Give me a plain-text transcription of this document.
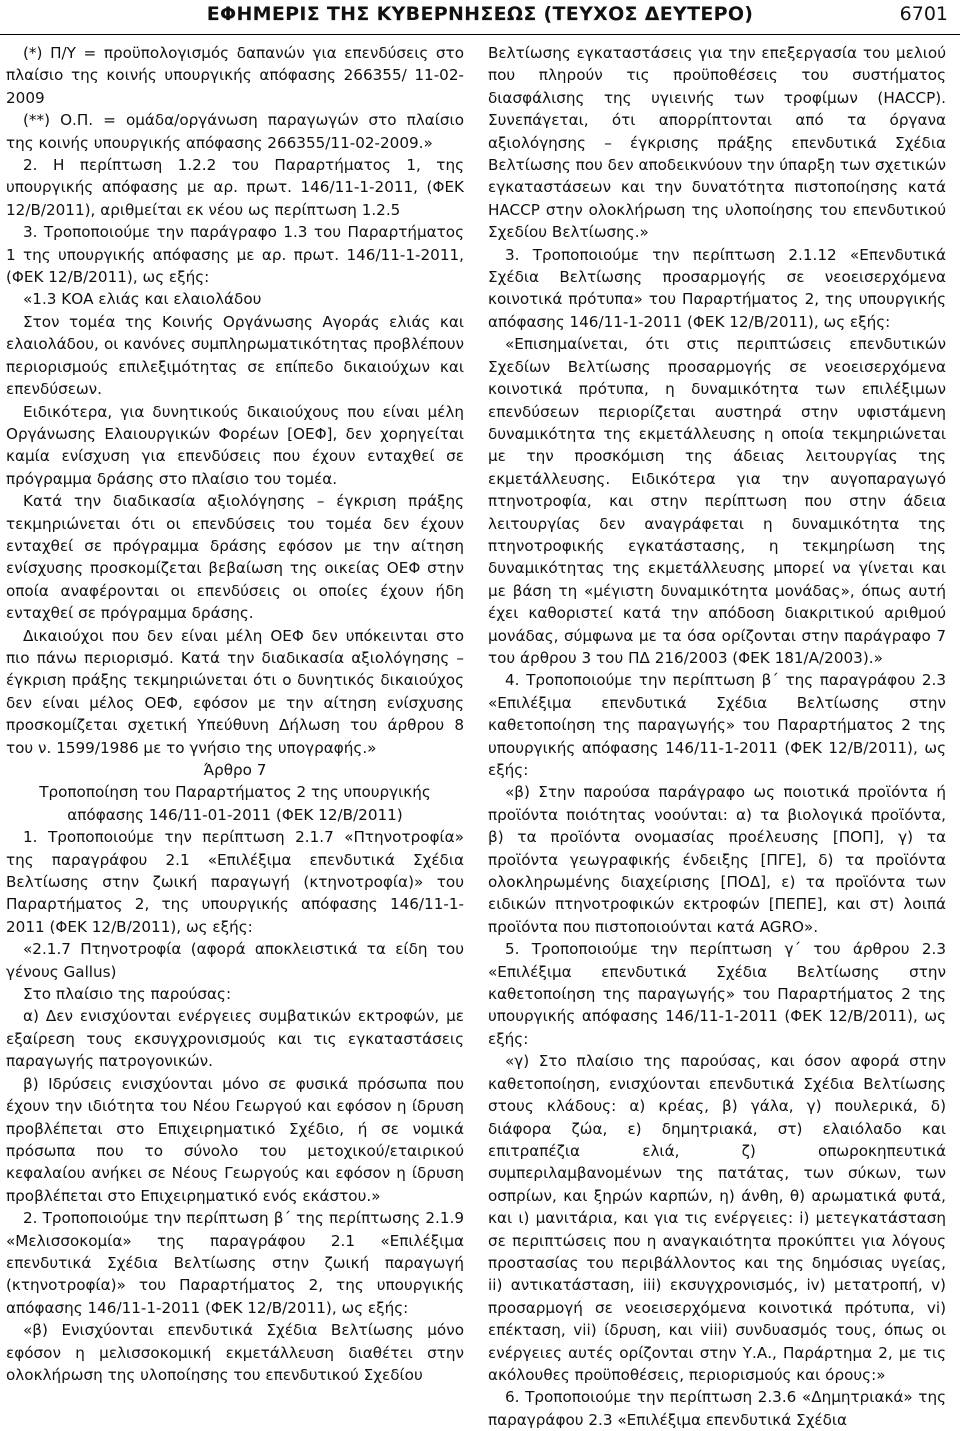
ΕΦΗΜΕΡΙΣ ΤΗΣ ΚΥΒΕΡΝΗΣΕΩΣ (ΤΕΥΧΟΣ ΔΕΥΤΕΡΟ)	6701

(*) Π/Υ = προϋπολογισμός δαπανών για επενδύσεις στο πλαίσιο της κοινής υπουργικής απόφασης 266355/ 11-02-2009

(**) Ο.Π. = ομάδα/οργάνωση παραγωγών στο πλαίσιο της κοινής υπουργικής απόφασης 266355/11-02-2009.»

2. Η περίπτωση 1.2.2 του Παραρτήματος 1, της υπουργικής απόφασης με αρ. πρωτ. 146/11-1-2011, (ΦΕΚ 12/Β/2011), αριθμείται εκ νέου ως περίπτωση 1.2.5

3. Τροποποιούμε την παράγραφο 1.3 του Παραρτήματος 1 της υπουργικής απόφασης με αρ. πρωτ. 146/11-1-2011, (ΦΕΚ 12/Β/2011), ως εξής:

«1.3 ΚΟΑ ελιάς και ελαιολάδου

Στον τομέα της Κοινής Οργάνωσης Αγοράς ελιάς και ελαιολάδου, οι κανόνες συμπληρωματικότητας προβλέπουν περιορισμούς επιλεξιμότητας σε επίπεδο δικαιούχων και επενδύσεων.

Ειδικότερα, για δυνητικούς δικαιούχους που είναι μέλη Οργάνωσης Ελαιουργικών Φορέων [ΟΕΦ], δεν χορηγείται καμία ενίσχυση για επενδύσεις που έχουν ενταχθεί σε πρόγραμμα δράσης στο πλαίσιο του τομέα.

Κατά την διαδικασία αξιολόγησης – έγκριση πράξης τεκμηριώνεται ότι οι επενδύσεις του τομέα δεν έχουν ενταχθεί σε πρόγραμμα δράσης εφόσον με την αίτηση ενίσχυσης προσκομίζεται βεβαίωση της οικείας ΟΕΦ στην οποία αναφέρονται οι επενδύσεις οι οποίες έχουν ήδη ενταχθεί σε πρόγραμμα δράσης.

Δικαιούχοι που δεν είναι μέλη ΟΕΦ δεν υπόκεινται στο πιο πάνω περιορισμό. Κατά την διαδικασία αξιολόγησης – έγκριση πράξης τεκμηριώνεται ότι ο δυνητικός δικαιούχος δεν είναι μέλος ΟΕΦ, εφόσον με την αίτηση ενίσχυσης προσκομίζεται σχετική Υπεύθυνη Δήλωση του άρθρου 8 του ν. 1599/1986 με το γνήσιο της υπογραφής.»

Άρθρο 7

Τροποποίηση του Παραρτήματος 2 της υπουργικής απόφασης 146/11-01-2011 (ΦΕΚ 12/Β/2011)

1. Τροποποιούμε την περίπτωση 2.1.7 «Πτηνοτροφία» της παραγράφου 2.1 «Επιλέξιμα επενδυτικά Σχέδια Βελτίωσης στην ζωική παραγωγή (κτηνοτροφία)» του Παραρτήματος 2, της υπουργικής απόφασης 146/11-1-2011 (ΦΕΚ 12/Β/2011), ως εξής:

«2.1.7 Πτηνοτροφία (αφορά αποκλειστικά τα είδη του γένους Gallus)

Στο πλαίσιο της παρούσας:

α) Δεν ενισχύονται ενέργειες συμβατικών εκτροφών, με εξαίρεση τους εκσυγχρονισμούς και τις εγκαταστάσεις παραγωγής πατρογονικών.

β) Ιδρύσεις ενισχύονται μόνο σε φυσικά πρόσωπα που έχουν την ιδιότητα του Νέου Γεωργού και εφόσον η ίδρυση προβλέπεται στο Επιχειρηματικό Σχέδιο, ή σε νομικά πρόσωπα που το σύνολο του μετοχικού/εταιρικού κεφαλαίου ανήκει σε Νέους Γεωργούς και εφόσον η ίδρυση προβλέπεται στο Επιχειρηματικό ενός εκάστου.»

2. Τροποποιούμε την περίπτωση β΄ της περίπτωσης 2.1.9 «Μελισσοκομία» της παραγράφου 2.1 «Επιλέξιμα επενδυτικά Σχέδια Βελτίωσης στην ζωική παραγωγή (κτηνοτροφία)» του Παραρτήματος 2, της υπουργικής απόφασης 146/11-1-2011 (ΦΕΚ 12/Β/2011), ως εξής:

«β) Ενισχύονται επενδυτικά Σχέδια Βελτίωσης μόνο εφόσον η μελισσοκομική εκμετάλλευση διαθέτει στην ολοκλήρωση της υλοποίησης του επενδυτικού Σχεδίου

Βελτίωσης εγκαταστάσεις για την επεξεργασία του μελιού που πληρούν τις προϋποθέσεις του συστήματος διασφάλισης της υγιεινής των τροφίμων (HACCP). Συνεπάγεται, ότι απορρίπτονται από τα όργανα αξιολόγησης – έγκρισης πράξης επενδυτικά Σχέδια Βελτίωσης που δεν αποδεικνύουν την ύπαρξη των σχετικών εγκαταστάσεων και την δυνατότητα πιστοποίησης κατά HACCP στην ολοκλήρωση της υλοποίησης του επενδυτικού Σχεδίου Βελτίωσης.»

3. Τροποποιούμε την περίπτωση 2.1.12 «Επενδυτικά Σχέδια Βελτίωσης προσαρμογής σε νεοεισερχόμενα κοινοτικά πρότυπα» του Παραρτήματος 2, της υπουργικής απόφασης 146/11-1-2011 (ΦΕΚ 12/Β/2011), ως εξής:

«Επισημαίνεται, ότι στις περιπτώσεις επενδυτικών Σχεδίων Βελτίωσης προσαρμογής σε νεοεισερχόμενα κοινοτικά πρότυπα, η δυναμικότητα των επιλέξιμων επενδύσεων περιορίζεται αυστηρά στην υφιστάμενη δυναμικότητα της εκμετάλλευσης η οποία τεκμηριώνεται με την προσκόμιση της άδειας λειτουργίας της εκμετάλλευσης. Ειδικότερα για την αυγοπαραγωγό πτηνοτροφία, και στην περίπτωση που στην άδεια λειτουργίας δεν αναγράφεται η δυναμικότητα της πτηνοτροφικής εγκατάστασης, η τεκμηρίωση της δυναμικότητας της εκμετάλλευσης μπορεί να γίνεται και με βάση τη «μέγιστη δυναμικότητα μονάδας», όπως αυτή έχει καθοριστεί κατά την απόδοση διακριτικού αριθμού μονάδας, σύμφωνα με τα όσα ορίζονται στην παράγραφο 7 του άρθρου 3 του ΠΔ 216/2003 (ΦΕΚ 181/Α/2003).»

4. Τροποποιούμε την περίπτωση β΄ της παραγράφου 2.3 «Επιλέξιμα επενδυτικά Σχέδια Βελτίωσης στην καθετοποίηση της παραγωγής» του Παραρτήματος 2 της υπουργικής απόφασης 146/11-1-2011 (ΦΕΚ 12/Β/2011), ως εξής:

«β) Στην παρούσα παράγραφο ως ποιοτικά προϊόντα ή προϊόντα ποιότητας νοούνται: α) τα βιολογικά προϊόντα, β) τα προϊόντα ονομασίας προέλευσης [ΠΟΠ], γ) τα προϊόντα γεωγραφικής ένδειξης [ΠΓΕ], δ) τα προϊόντα ολοκληρωμένης διαχείρισης [ΠΟΔ], ε) τα προϊόντα των ειδικών πτηνοτροφικών εκτροφών [ΠΕΠΕ], και στ) λοιπά προϊόντα που πιστοποιούνται κατά AGRO».

5. Τροποποιούμε την περίπτωση γ΄ του άρθρου 2.3 «Επιλέξιμα επενδυτικά Σχέδια Βελτίωσης στην καθετοποίηση της παραγωγής» του Παραρτήματος 2 της υπουργικής απόφασης 146/11-1-2011 (ΦΕΚ 12/Β/2011), ως εξής:

«γ) Στο πλαίσιο της παρούσας, και όσον αφορά στην καθετοποίηση, ενισχύονται επενδυτικά Σχέδια Βελτίωσης στους κλάδους: α) κρέας, β) γάλα, γ) πουλερικά, δ) διάφορα ζώα, ε) δημητριακά, στ) ελαιόλαδο και επιτραπέζια ελιά, ζ) οπωροκηπευτικά συμπεριλαμβανομένων της πατάτας, των σύκων, των οσπρίων, και ξηρών καρπών, η) άνθη, θ) αρωματικά φυτά, και ι) μανιτάρια, και για τις ενέργειες: i) μετεγκατάσταση σε περιπτώσεις που η αναγκαιότητα προκύπτει για λόγους προστασίας του περιβάλλοντος και της δημόσιας υγείας, ii) αντικατάσταση, iii) εκσυγχρονισμός, iv) μετατροπή, v) προσαρμογή σε νεοεισερχόμενα κοινοτικά πρότυπα, vi) επέκταση, vii) ίδρυση, και viii) συνδυασμός τους, όπως οι ενέργειες αυτές ορίζονται στην Υ.Α., Παράρτημα 2, με τις ακόλουθες προϋποθέσεις, περιορισμούς και όρους:»

6. Τροποποιούμε την περίπτωση 2.3.6 «Δημητριακά» της παραγράφου 2.3 «Επιλέξιμα επενδυτικά Σχέδια
